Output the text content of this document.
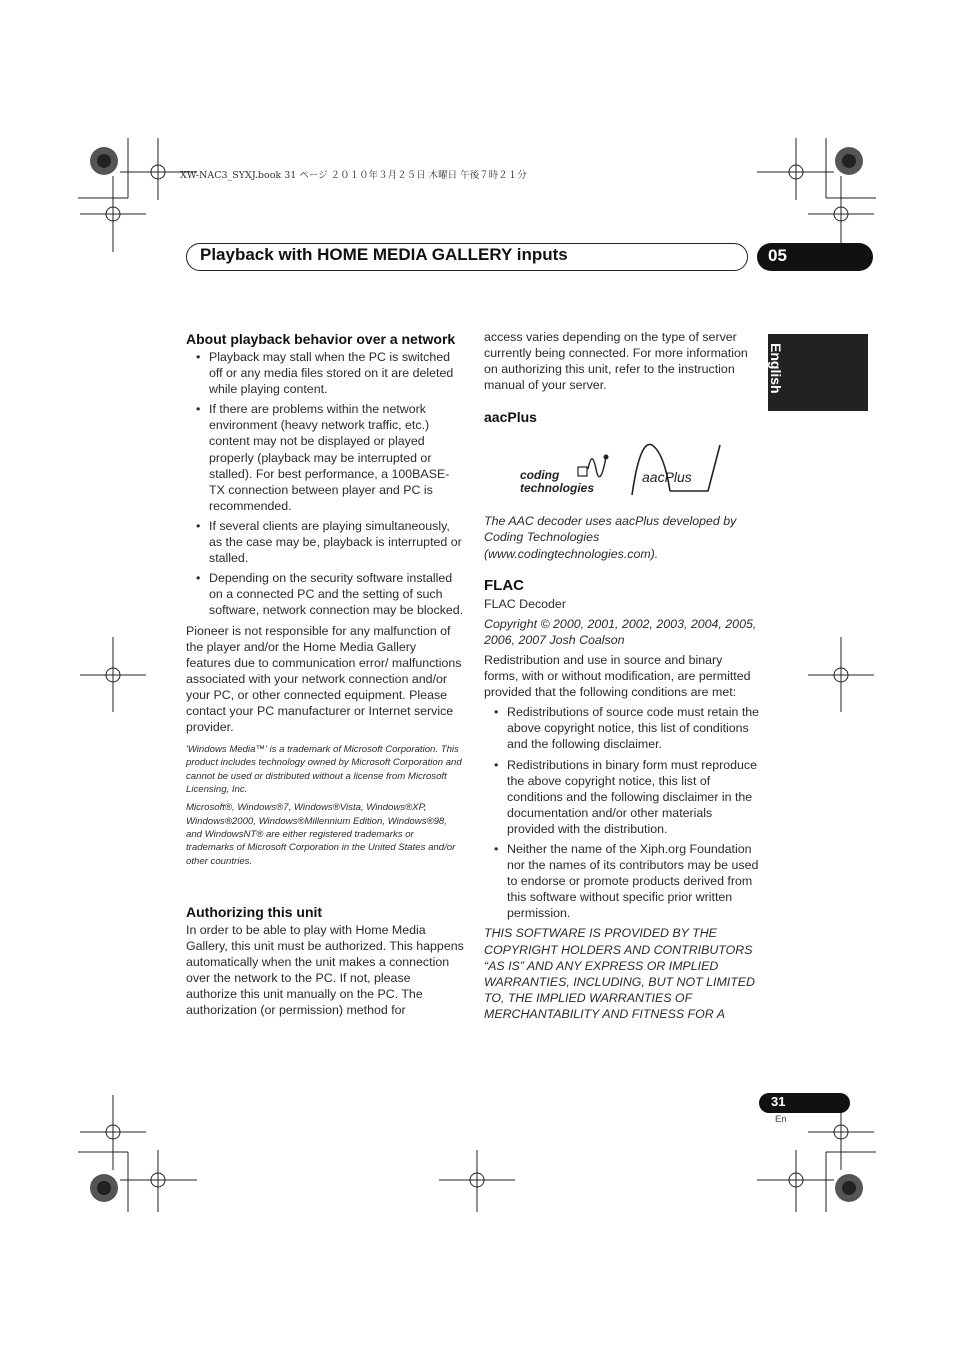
XW-NAC3_SYXJ.book 31 ページ ２０１０年３月２５日 木曜日 午後７時２１分
Playback with HOME MEDIA GALLERY inputs	05
English
About playback behavior over a network
• Playback may stall when the PC is switched off or any media files stored on it are deleted while playing content.
• If there are problems within the network environment (heavy network traffic, etc.) content may not be displayed or played properly (playback may be interrupted or stalled). For best performance, a 100BASE-TX connection between player and PC is recommended.
• If several clients are playing simultaneously, as the case may be, playback is interrupted or stalled.
• Depending on the security software installed on a connected PC and the setting of such software, network connection may be blocked.

Pioneer is not responsible for any malfunction of the player and/or the Home Media Gallery features due to communication error/ malfunctions associated with your network connection and/or your PC, or other connected equipment. Please contact your PC manufacturer or Internet service provider.

'Windows Media™' is a trademark of Microsoft Corporation. This product includes technology owned by Microsoft Corporation and cannot be used or distributed without a license from Microsoft Licensing, Inc.

Microsoft®, Windows®7, Windows®Vista, Windows®XP, Windows®2000, Windows®Millennium Edition, Windows®98, and WindowsNT® are either registered trademarks or trademarks of Microsoft Corporation in the United States and/or other countries.

Authorizing this unit

In order to be able to play with Home Media Gallery, this unit must be authorized. This happens automatically when the unit makes a connection over the network to the PC. If not, please authorize this unit manually on the PC. The authorization (or permission) method for

access varies depending on the type of server currently being connected. For more information on authorizing this unit, refer to the instruction manual of your server.

aacPlus
coding
technologies
aacPlus

The AAC decoder uses aacPlus developed by Coding Technologies (www.codingtechnologies.com).

FLAC

FLAC Decoder

Copyright © 2000, 2001, 2002, 2003, 2004, 2005, 2006, 2007 Josh Coalson

Redistribution and use in source and binary forms, with or without modification, are permitted provided that the following conditions are met:

• Redistributions of source code must retain the above copyright notice, this list of conditions and the following disclaimer.
• Redistributions in binary form must reproduce the above copyright notice, this list of conditions and the following disclaimer in the documentation and/or other materials provided with the distribution.
• Neither the name of the Xiph.org Foundation nor the names of its contributors may be used to endorse or promote products derived from this software without specific prior written permission.

THIS SOFTWARE IS PROVIDED BY THE COPYRIGHT HOLDERS AND CONTRIBUTORS “AS IS” AND ANY EXPRESS OR IMPLIED WARRANTIES, INCLUDING, BUT NOT LIMITED TO, THE IMPLIED WARRANTIES OF MERCHANTABILITY AND FITNESS FOR A

31
En
